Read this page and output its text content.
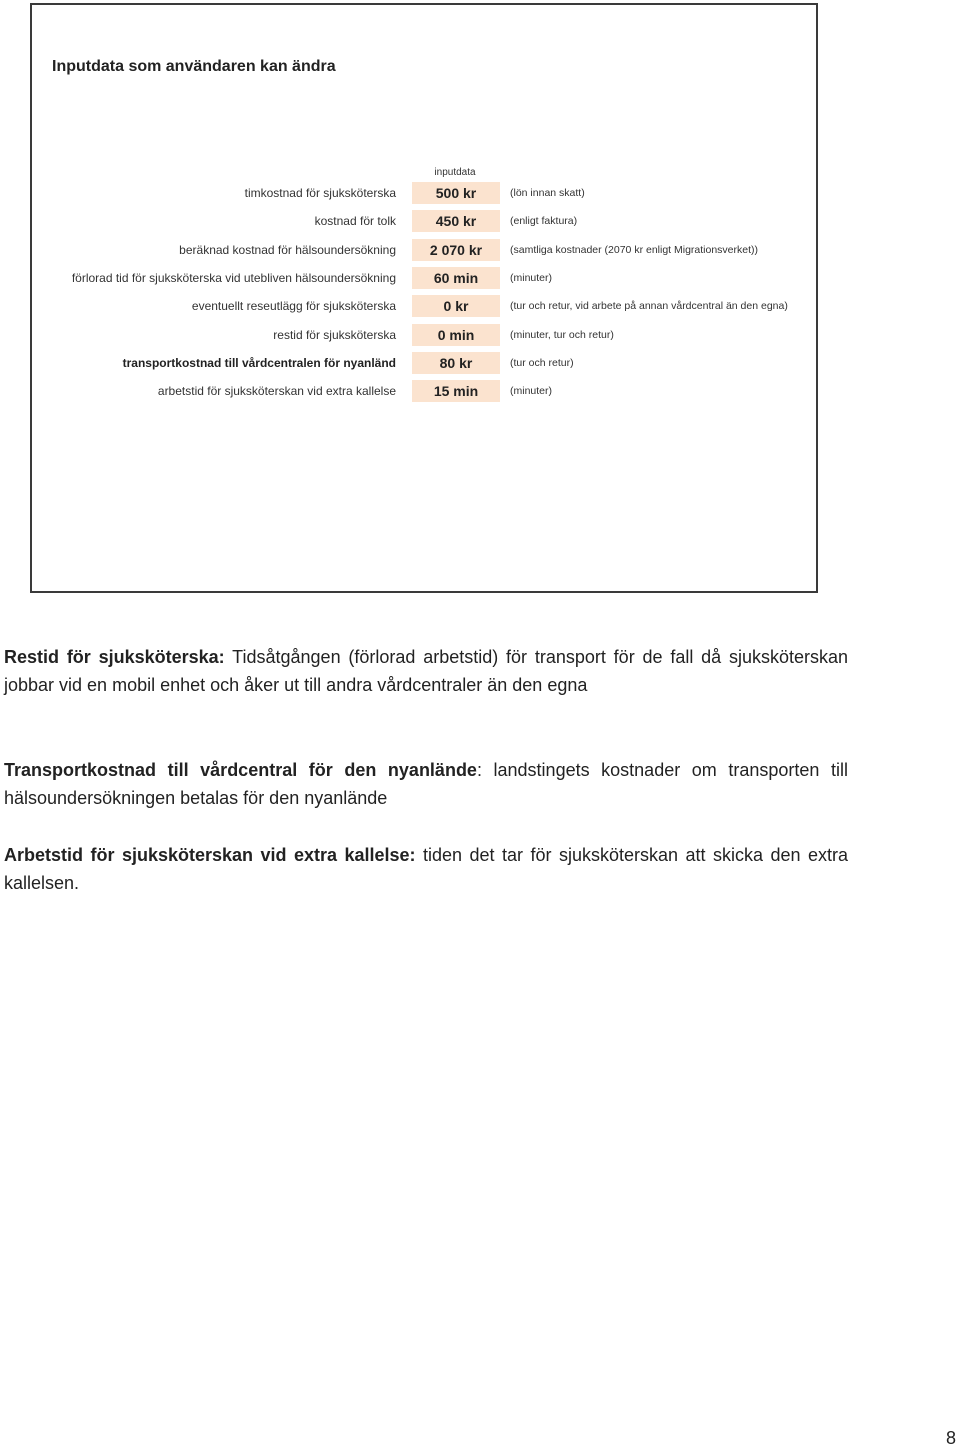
Inputdata som användaren kan ändra
inputdata
timkostnad för sjuksköterska	500 kr	(lön innan skatt)
kostnad för tolk	450 kr	(enligt faktura)
beräknad kostnad för hälsoundersökning	2 070 kr	(samtliga kostnader (2070 kr enligt Migrationsverket))
förlorad tid för sjuksköterska vid utebliven hälsoundersökning	60 min	(minuter)
eventuellt reseutlägg för sjuksköterska	0 kr	(tur och retur, vid arbete på annan vårdcentral än den egna)
restid för sjuksköterska	0 min	(minuter, tur och retur)
transportkostnad till vårdcentralen för nyanländ	80 kr	(tur och retur)
arbetstid för sjuksköterskan vid extra kallelse	15 min	(minuter)

Restid för sjuksköterska: Tidsåtgången (förlorad arbetstid) för transport för de fall då sjuksköterskan jobbar vid en mobil enhet och åker ut till andra vårdcentraler än den egna

Transportkostnad till vårdcentral för den nyanlände: landstingets kostnader om transporten till hälsoundersökningen betalas för den nyanlände

Arbetstid för sjuksköterskan vid extra kallelse: tiden det tar för sjuksköterskan att skicka den extra kallelsen.

8
